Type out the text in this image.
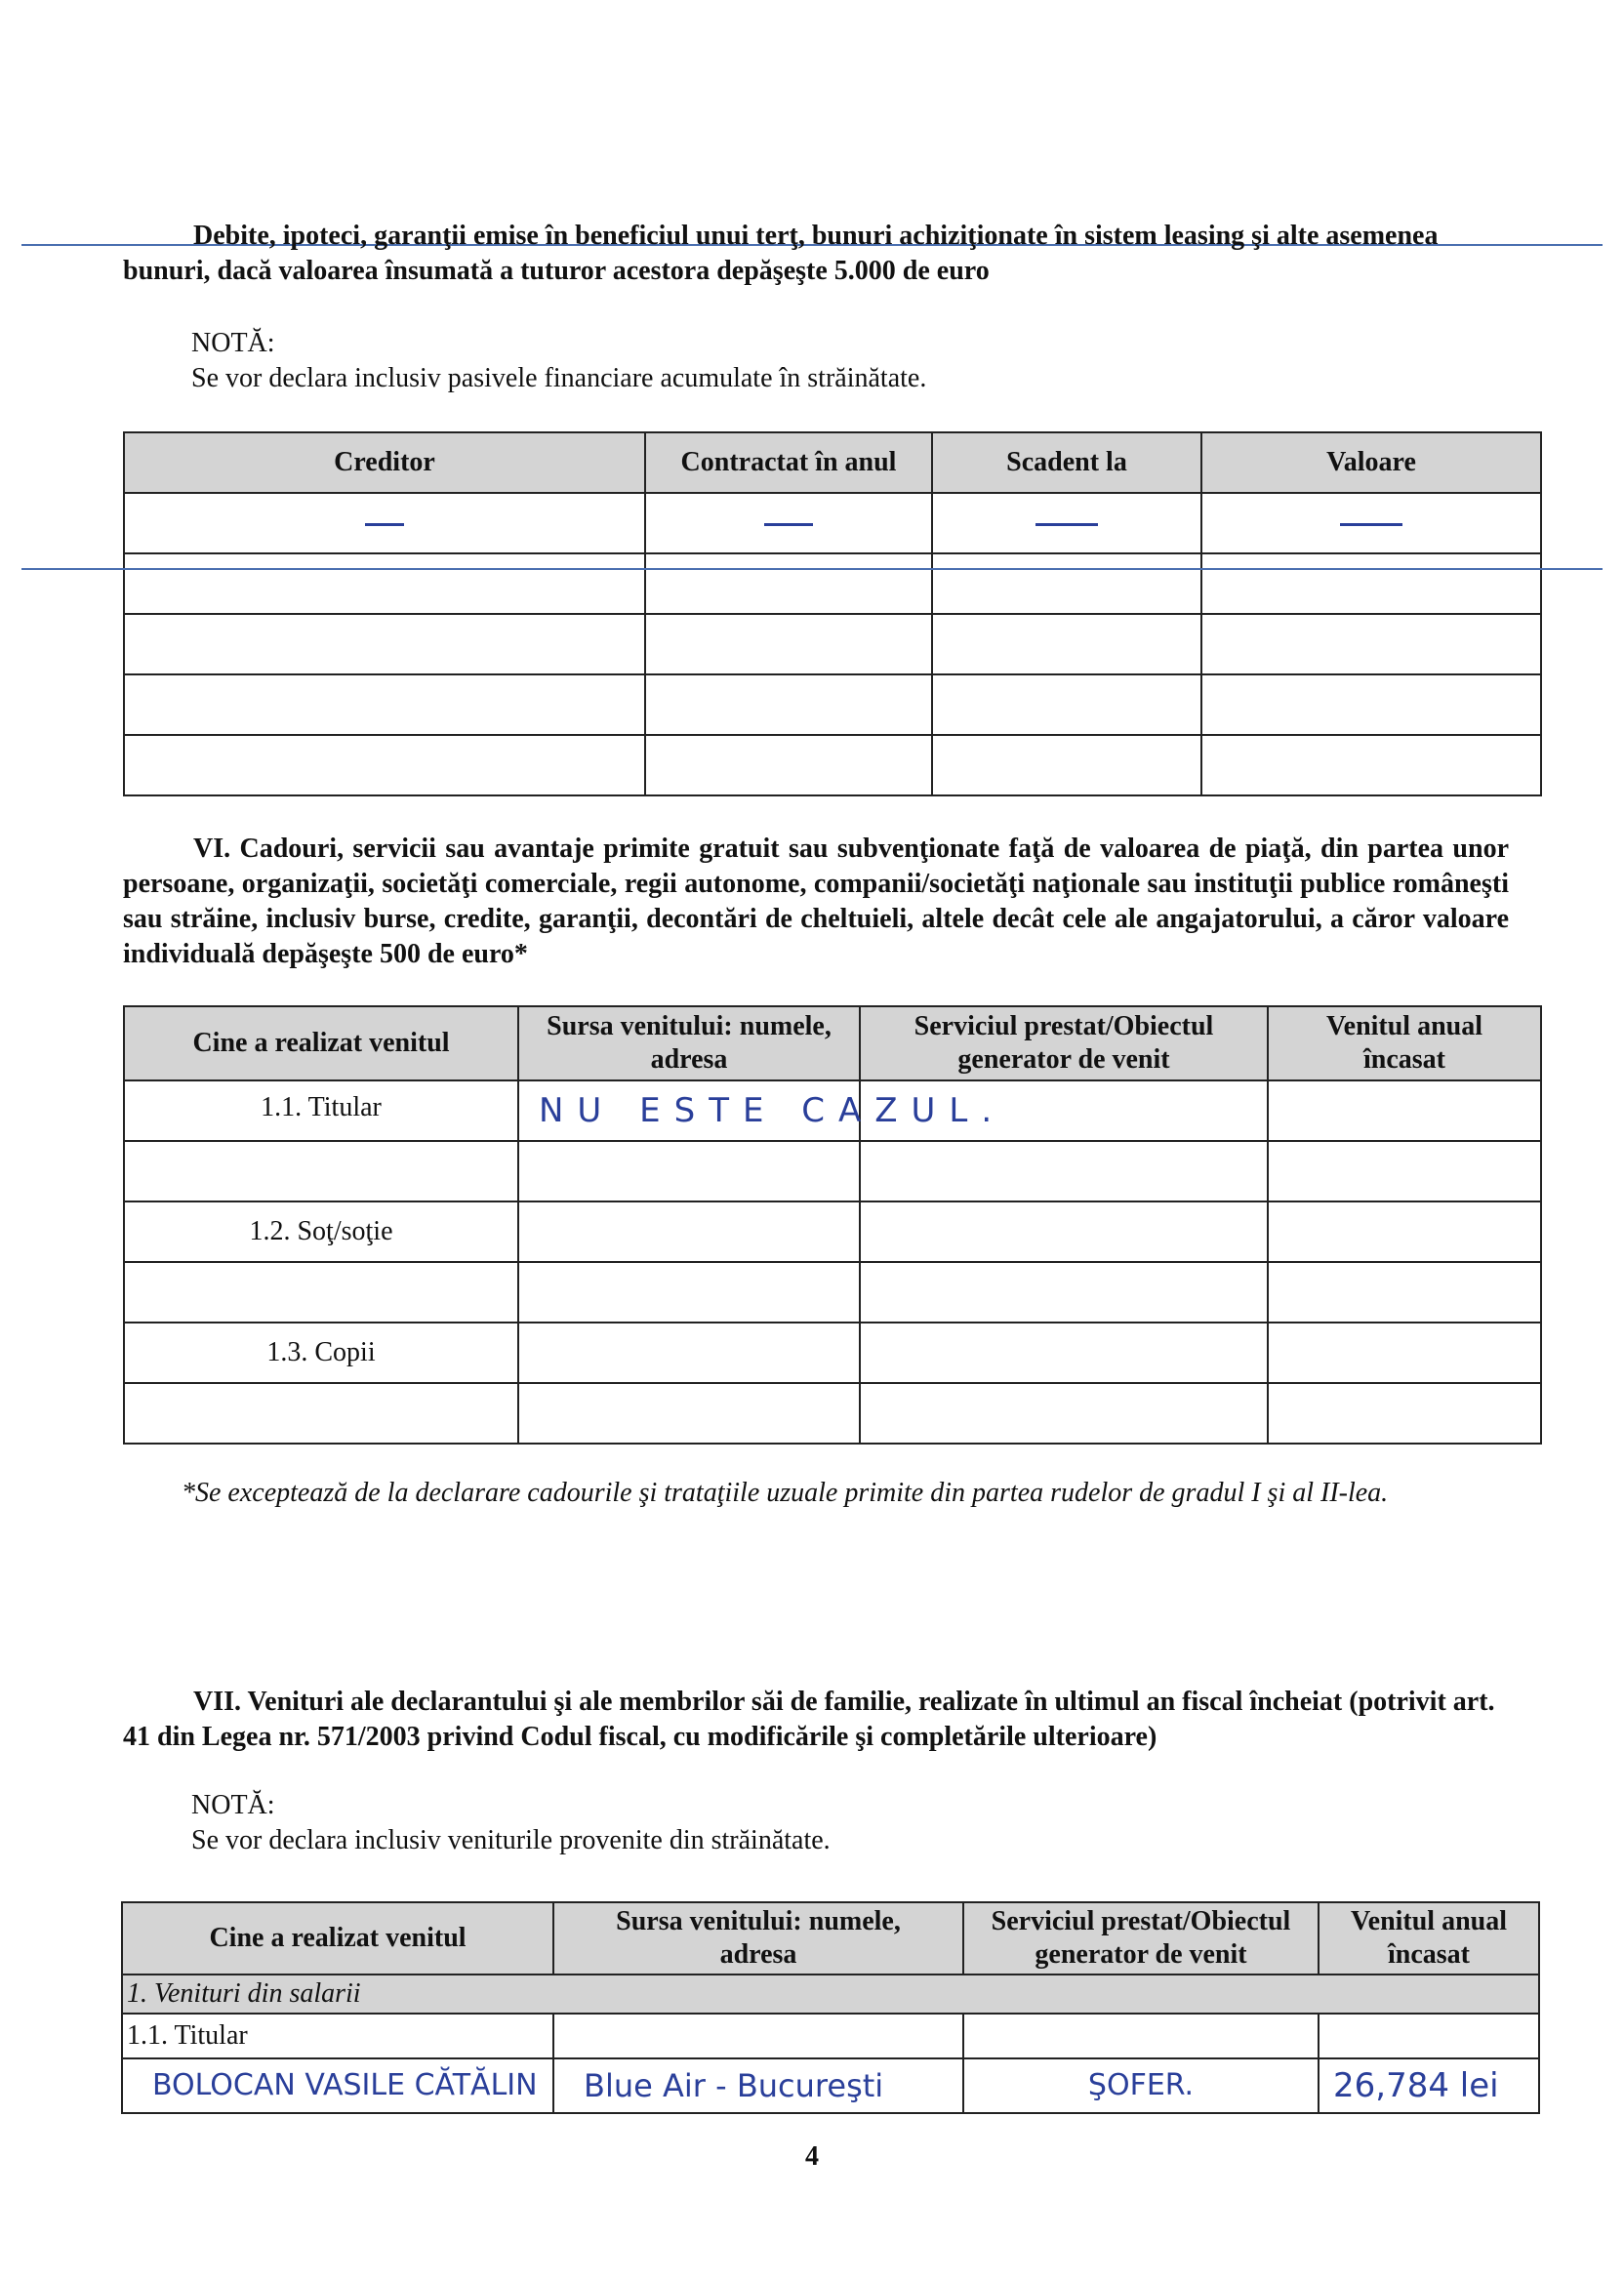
Debite, ipoteci, garanţii emise în beneficiul unui terţ, bunuri achiziţionate în sistem leasing şi alte asemenea bunuri, dacă valoarea însumată a tuturor acestora depăşeşte 5.000 de euro
NOTĂ:
Se vor declara inclusiv pasivele financiare acumulate în străinătate.
Creditor	Contractat în anul	Scadent la	Valoare

VI. Cadouri, servicii sau avantaje primite gratuit sau subvenţionate faţă de valoarea de piaţă, din partea unor persoane, organizaţii, societăţi comerciale, regii autonome, companii/societăţi naţionale sau instituţii publice româneşti sau străine, inclusiv burse, credite, garanţii, decontări de cheltuieli, altele decât cele ale angajatorului, a căror valoare individuală depăşeşte 500 de euro*
Cine a realizat venitul	Sursa venitului: numele, adresa	Serviciul prestat/Obiectul generator de venit	Venitul anual încasat
1.1. Titular	NU ESTE CAZUL.		

1.2. Soţ/soţie			

1.3. Copii			

*Se exceptează de la declarare cadourile şi trataţiile uzuale primite din partea rudelor de gradul I şi al II-lea.
VII. Venituri ale declarantului şi ale membrilor săi de familie, realizate în ultimul an fiscal încheiat (potrivit art. 41 din Legea nr. 571/2003 privind Codul fiscal, cu modificările şi completările ulterioare)
NOTĂ:
Se vor declara inclusiv veniturile provenite din străinătate.
Cine a realizat venitul	Sursa venitului: numele, adresa	Serviciul prestat/Obiectul generator de venit	Venitul anual încasat
1. Venituri din salarii			
1.1. Titular			
BOLOCAN VASILE CĂTĂLIN	Blue Air - Bucureşti	ŞOFER.	26,784 lei
4
